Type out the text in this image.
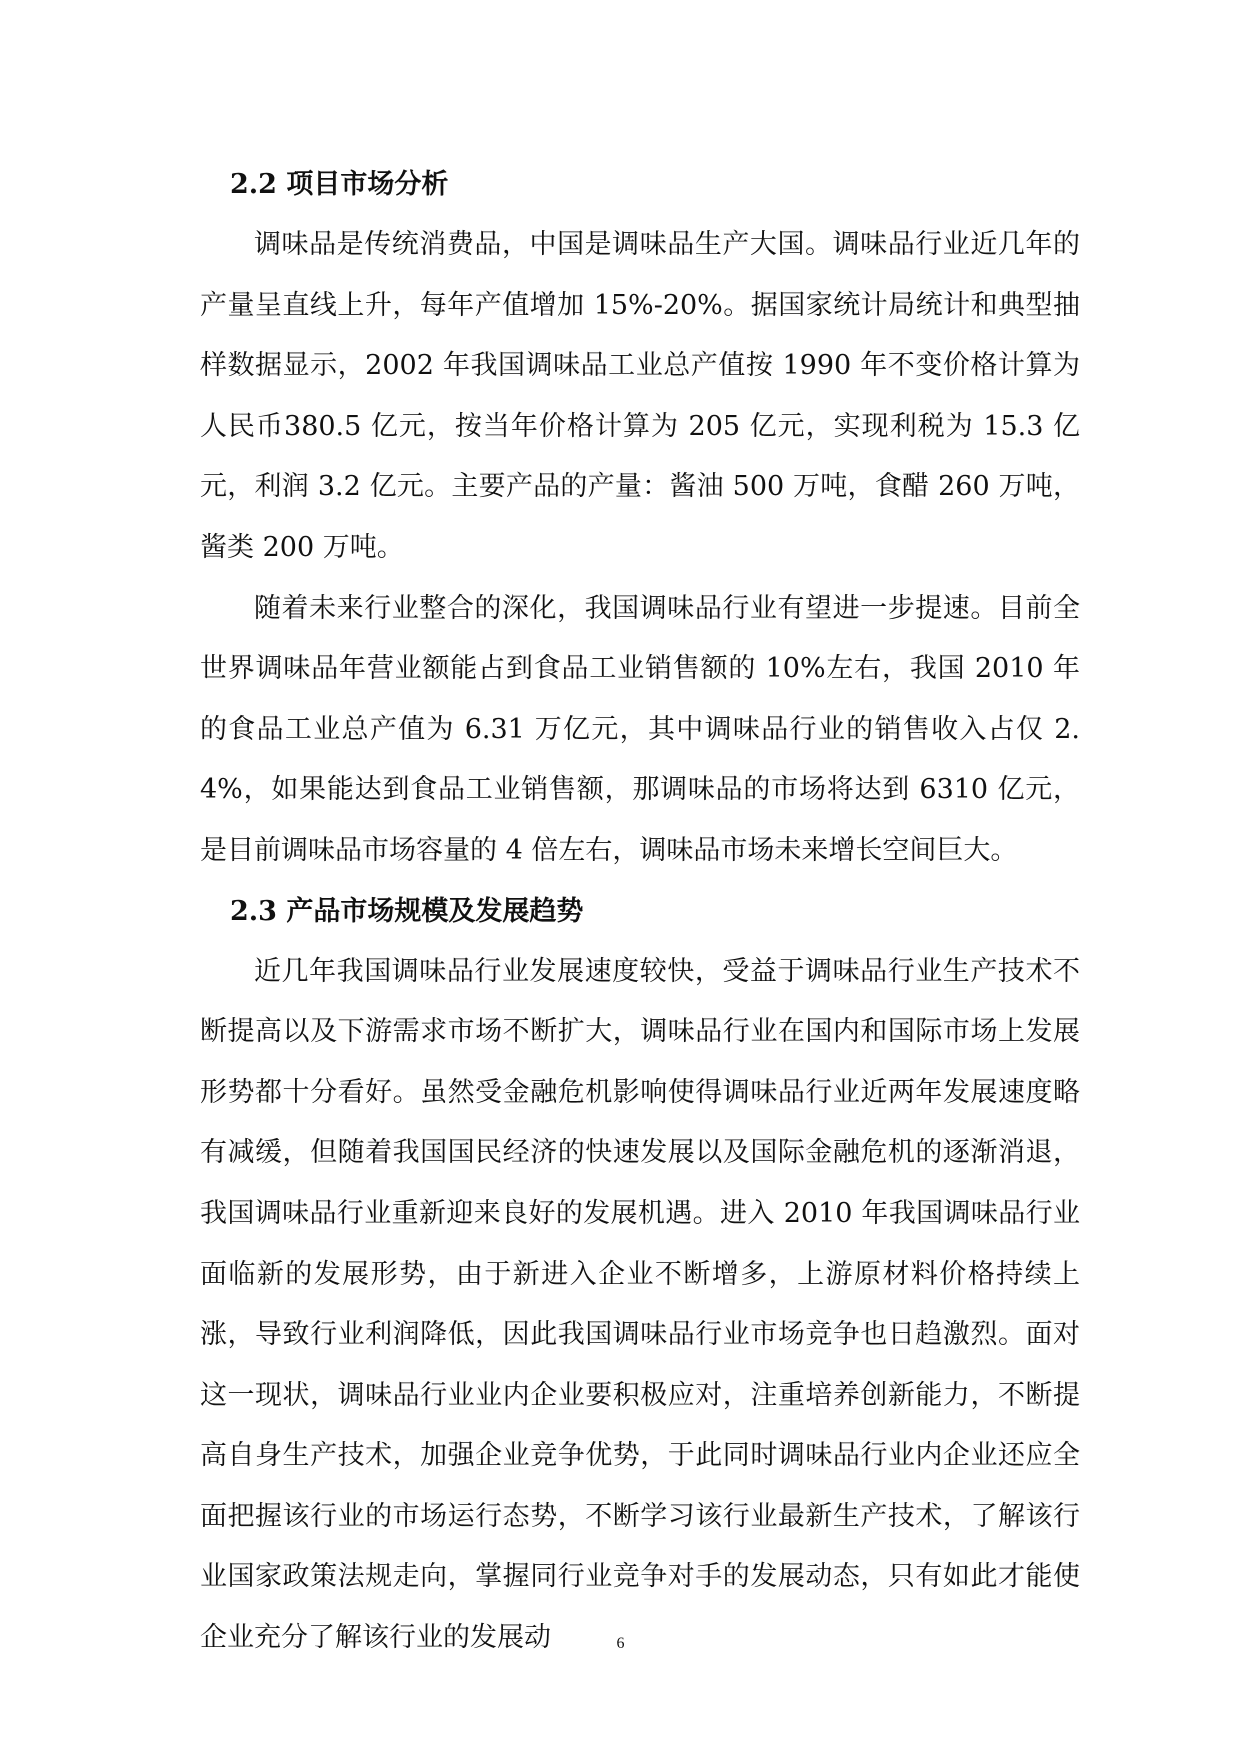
2.2 项目市场分析

调味品是传统消费品，中国是调味品生产大国。调味品行业近几年的产量呈直线上升，每年产值增加 15%-20%。据国家统计局统计和典型抽样数据显示，2002 年我国调味品工业总产值按 1990 年不变价格计算为人民币380.5 亿元，按当年价格计算为 205 亿元，实现利税为 15.3 亿元，利润 3.2 亿元。主要产品的产量：酱油 500 万吨，食醋 260 万吨，酱类 200 万吨。

随着未来行业整合的深化，我国调味品行业有望进一步提速。目前全世界调味品年营业额能占到食品工业销售额的 10%左右，我国 2010 年的食品工业总产值为 6.31 万亿元，其中调味品行业的销售收入占仅 2.4%，如果能达到食品工业销售额，那调味品的市场将达到 6310 亿元，是目前调味品市场容量的 4 倍左右，调味品市场未来增长空间巨大。

2.3 产品市场规模及发展趋势

近几年我国调味品行业发展速度较快，受益于调味品行业生产技术不断提高以及下游需求市场不断扩大，调味品行业在国内和国际市场上发展形势都十分看好。虽然受金融危机影响使得调味品行业近两年发展速度略有减缓，但随着我国国民经济的快速发展以及国际金融危机的逐渐消退，我国调味品行业重新迎来良好的发展机遇。进入 2010 年我国调味品行业面临新的发展形势，由于新进入企业不断增多，上游原材料价格持续上涨，导致行业利润降低，因此我国调味品行业市场竞争也日趋激烈。面对这一现状，调味品行业业内企业要积极应对，注重培养创新能力，不断提高自身生产技术，加强企业竞争优势，于此同时调味品行业内企业还应全面把握该行业的市场运行态势，不断学习该行业最新生产技术，了解该行业国家政策法规走向，掌握同行业竞争对手的发展动态，只有如此才能使企业充分了解该行业的发展动	6
